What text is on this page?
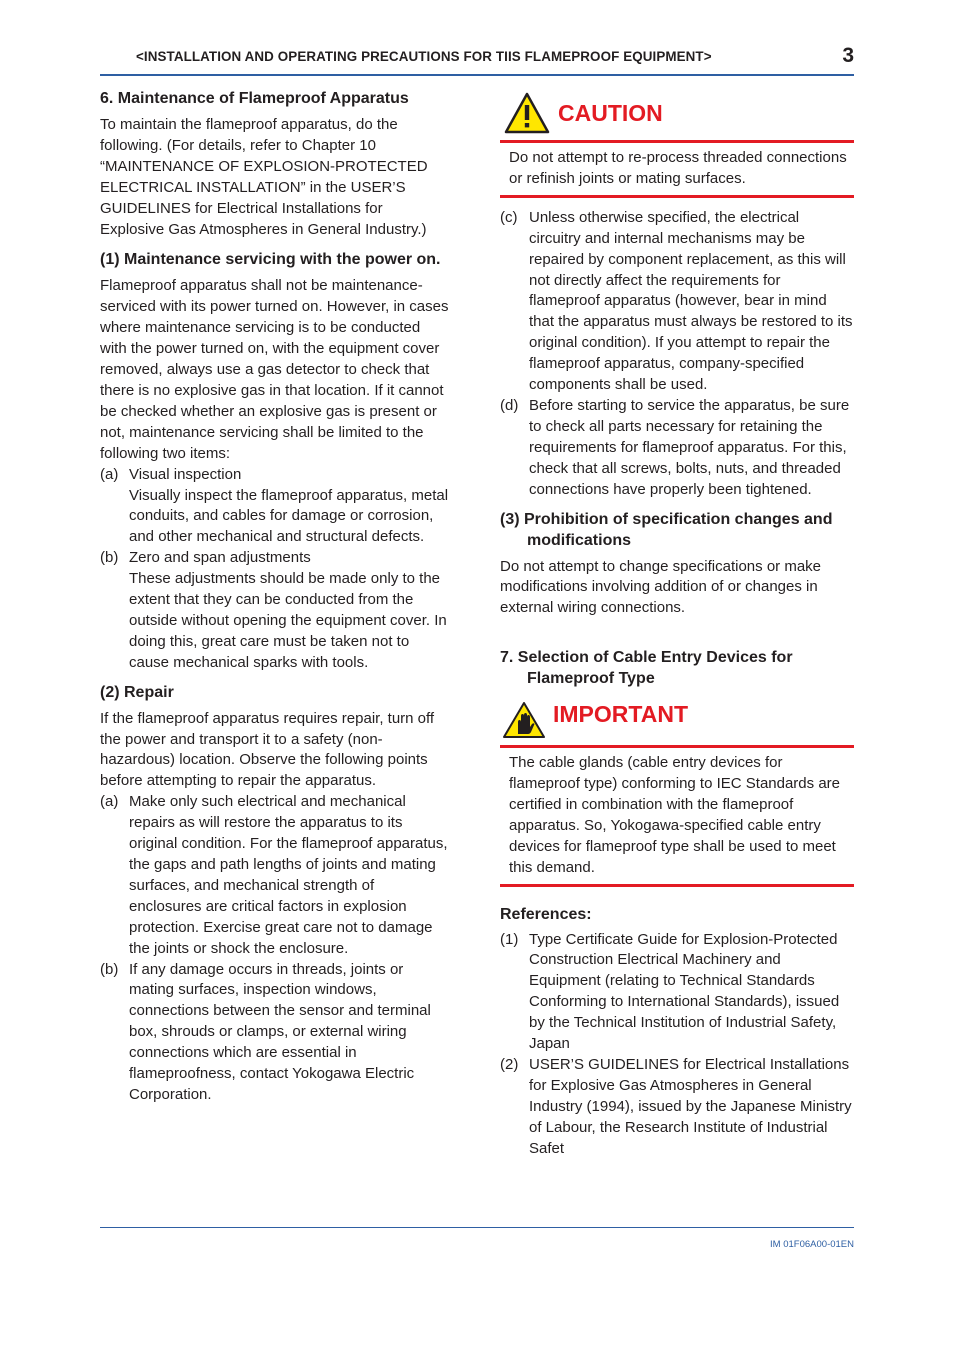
<INSTALLATION AND OPERATING PRECAUTIONS FOR TIIS FLAMEPROOF EQUIPMENT>	3

6. Maintenance of Flameproof Apparatus

To maintain the flameproof apparatus, do the following. (For details, refer to Chapter 10 “MAINTENANCE OF EXPLOSION-PROTECTED ELECTRICAL INSTALLATION” in the USER’S GUIDELINES for Electrical Installations for Explosive Gas Atmospheres in General Industry.)

(1) Maintenance servicing with the power on.

Flameproof apparatus shall not be maintenance-serviced with its power turned on. However, in cases where maintenance servicing is to be conducted with the power turned on, with the equipment cover removed, always use a gas detector to check that there is no explosive gas in that location. If it cannot be checked whether an explosive gas is present or not, maintenance servicing shall be limited to the following two items:

(a) Visual inspection
Visually inspect the flameproof apparatus, metal conduits, and cables for damage or corrosion, and other mechanical and structural defects.
(b) Zero and span adjustments
These adjustments should be made only to the extent that they can be conducted from the outside without opening the equipment cover. In doing this, great care must be taken not to cause mechanical sparks with tools.

(2) Repair

If the flameproof apparatus requires repair, turn off the power and transport it to a safety (non-hazardous) location. Observe the following points before attempting to repair the apparatus.

(a) Make only such electrical and mechanical repairs as will restore the apparatus to its original condition. For the flameproof apparatus, the gaps and path lengths of joints and mating surfaces, and mechanical strength of enclosures are critical factors in explosion protection. Exercise great care not to damage the joints or shock the enclosure.
(b) If any damage occurs in threads, joints or mating surfaces, inspection windows, connections between the sensor and terminal box, shrouds or clamps, or external wiring connections which are essential in flameproofness, contact Yokogawa Electric Corporation.
CAUTION
Do not attempt to re-process threaded connections or refinish joints or mating surfaces.
(c) Unless otherwise specified, the electrical circuitry and internal mechanisms may be repaired by component replacement, as this will not directly affect the requirements for flameproof apparatus (however, bear in mind that the apparatus must always be restored to its original condition). If you attempt to repair the flameproof apparatus, company-specified components shall be used.
(d) Before starting to service the apparatus, be sure to check all parts necessary for retaining the requirements for flameproof apparatus. For this, check that all screws, bolts, nuts, and threaded connections have properly been tightened.

(3) Prohibition of specification changes and modifications

Do not attempt to change specifications or make modifications involving addition of or changes in external wiring connections.

7. Selection of Cable Entry Devices for Flameproof Type

IMPORTANT
The cable glands (cable entry devices for flameproof type) conforming to IEC Standards are certified in combination with the flameproof apparatus. So, Yokogawa-specified cable entry devices for flameproof type shall be used to meet this demand.

References:

(1) Type Certificate Guide for Explosion-Protected Construction Electrical Machinery and Equipment (relating to Technical Standards Conforming to International Standards), issued by the Technical Institution of Industrial Safety, Japan
(2) USER’S GUIDELINES for Electrical Installations for Explosive Gas Atmospheres in General Industry (1994), issued by the Japanese Ministry of Labour, the Research Institute of Industrial Safet
IM 01F06A00-01EN
